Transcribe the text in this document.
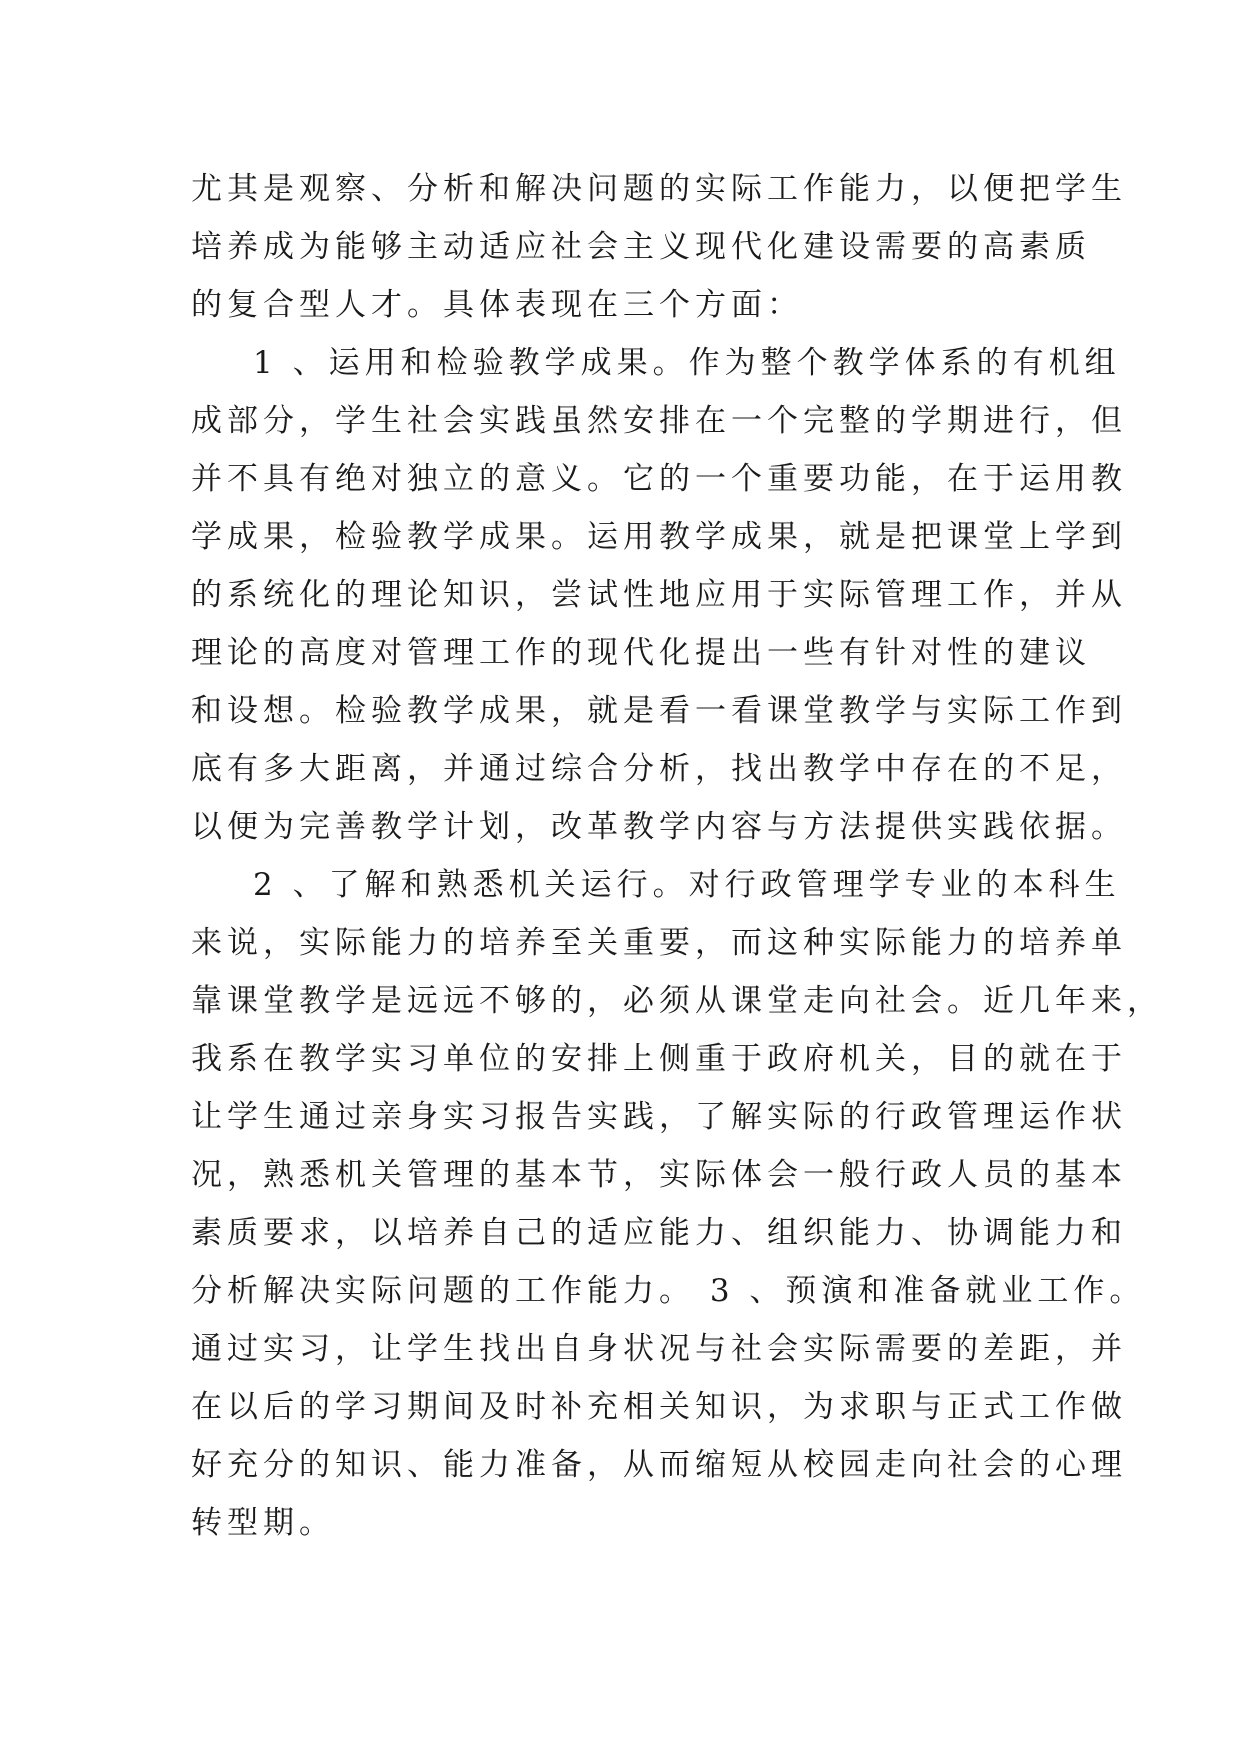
尤其是观察、分析和解决问题的实际工作能力，以便把学生
培养成为能够主动适应社会主义现代化建设需要的高素质
的复合型人才。具体表现在三个方面：
1 、运用和检验教学成果。作为整个教学体系的有机组
成部分，学生社会实践虽然安排在一个完整的学期进行，但
并不具有绝对独立的意义。它的一个重要功能，在于运用教
学成果，检验教学成果。运用教学成果，就是把课堂上学到
的系统化的理论知识，尝试性地应用于实际管理工作，并从
理论的高度对管理工作的现代化提出一些有针对性的建议
和设想。检验教学成果，就是看一看课堂教学与实际工作到
底有多大距离，并通过综合分析，找出教学中存在的不足，
以便为完善教学计划，改革教学内容与方法提供实践依据。
2 、了解和熟悉机关运行。对行政管理学专业的本科生
来说，实际能力的培养至关重要，而这种实际能力的培养单
靠课堂教学是远远不够的，必须从课堂走向社会。近几年来，
我系在教学实习单位的安排上侧重于政府机关，目的就在于
让学生通过亲身实习报告实践，了解实际的行政管理运作状
况，熟悉机关管理的基本节，实际体会一般行政人员的基本
素质要求，以培养自己的适应能力、组织能力、协调能力和
分析解决实际问题的工作能力。 3 、预演和准备就业工作。
通过实习，让学生找出自身状况与社会实际需要的差距，并
在以后的学习期间及时补充相关知识，为求职与正式工作做
好充分的知识、能力准备，从而缩短从校园走向社会的心理
转型期。
